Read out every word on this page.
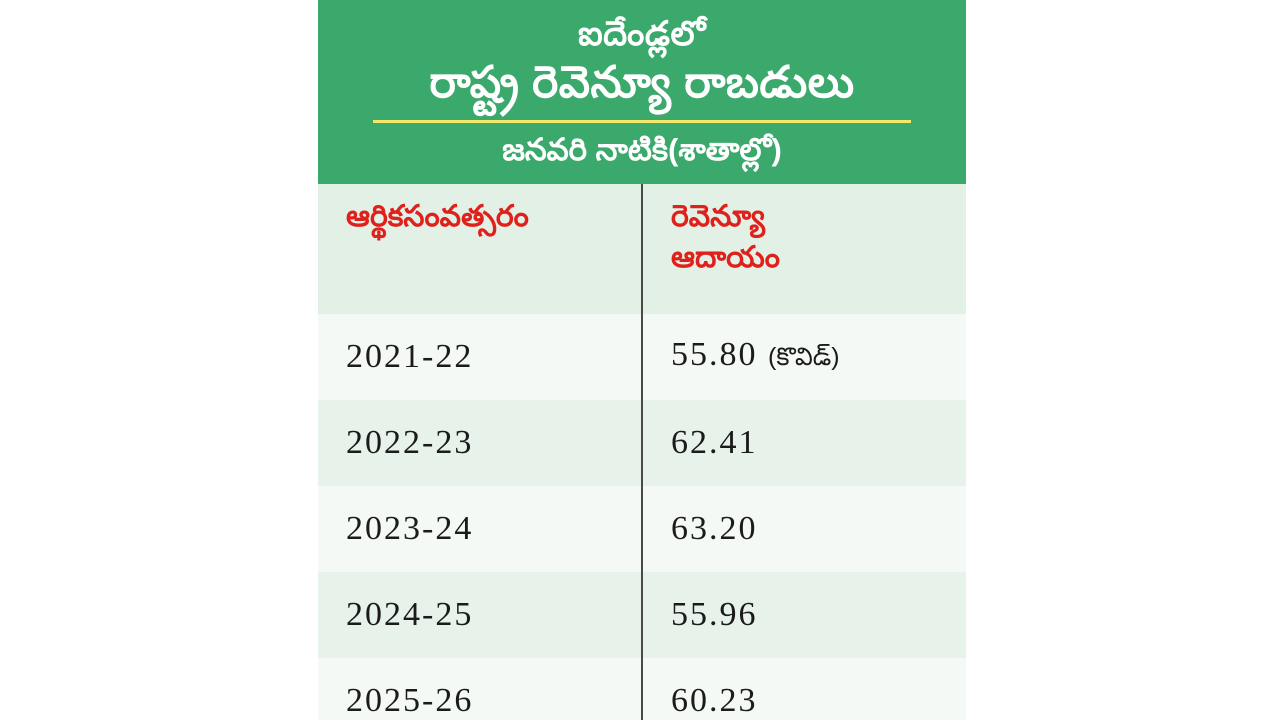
ఐదేండ్లలో
రాష్ట్ర రెవెన్యూ రాబడులు
జనవరి నాటికి(శాతాల్లో)
ఆర్థికసంవత్సరం	రెవెన్యూ
ఆదాయం

2021-22	55.80 (కొవిడ్)
2022-23	62.41
2023-24	63.20
2024-25	55.96
2025-26	60.23
